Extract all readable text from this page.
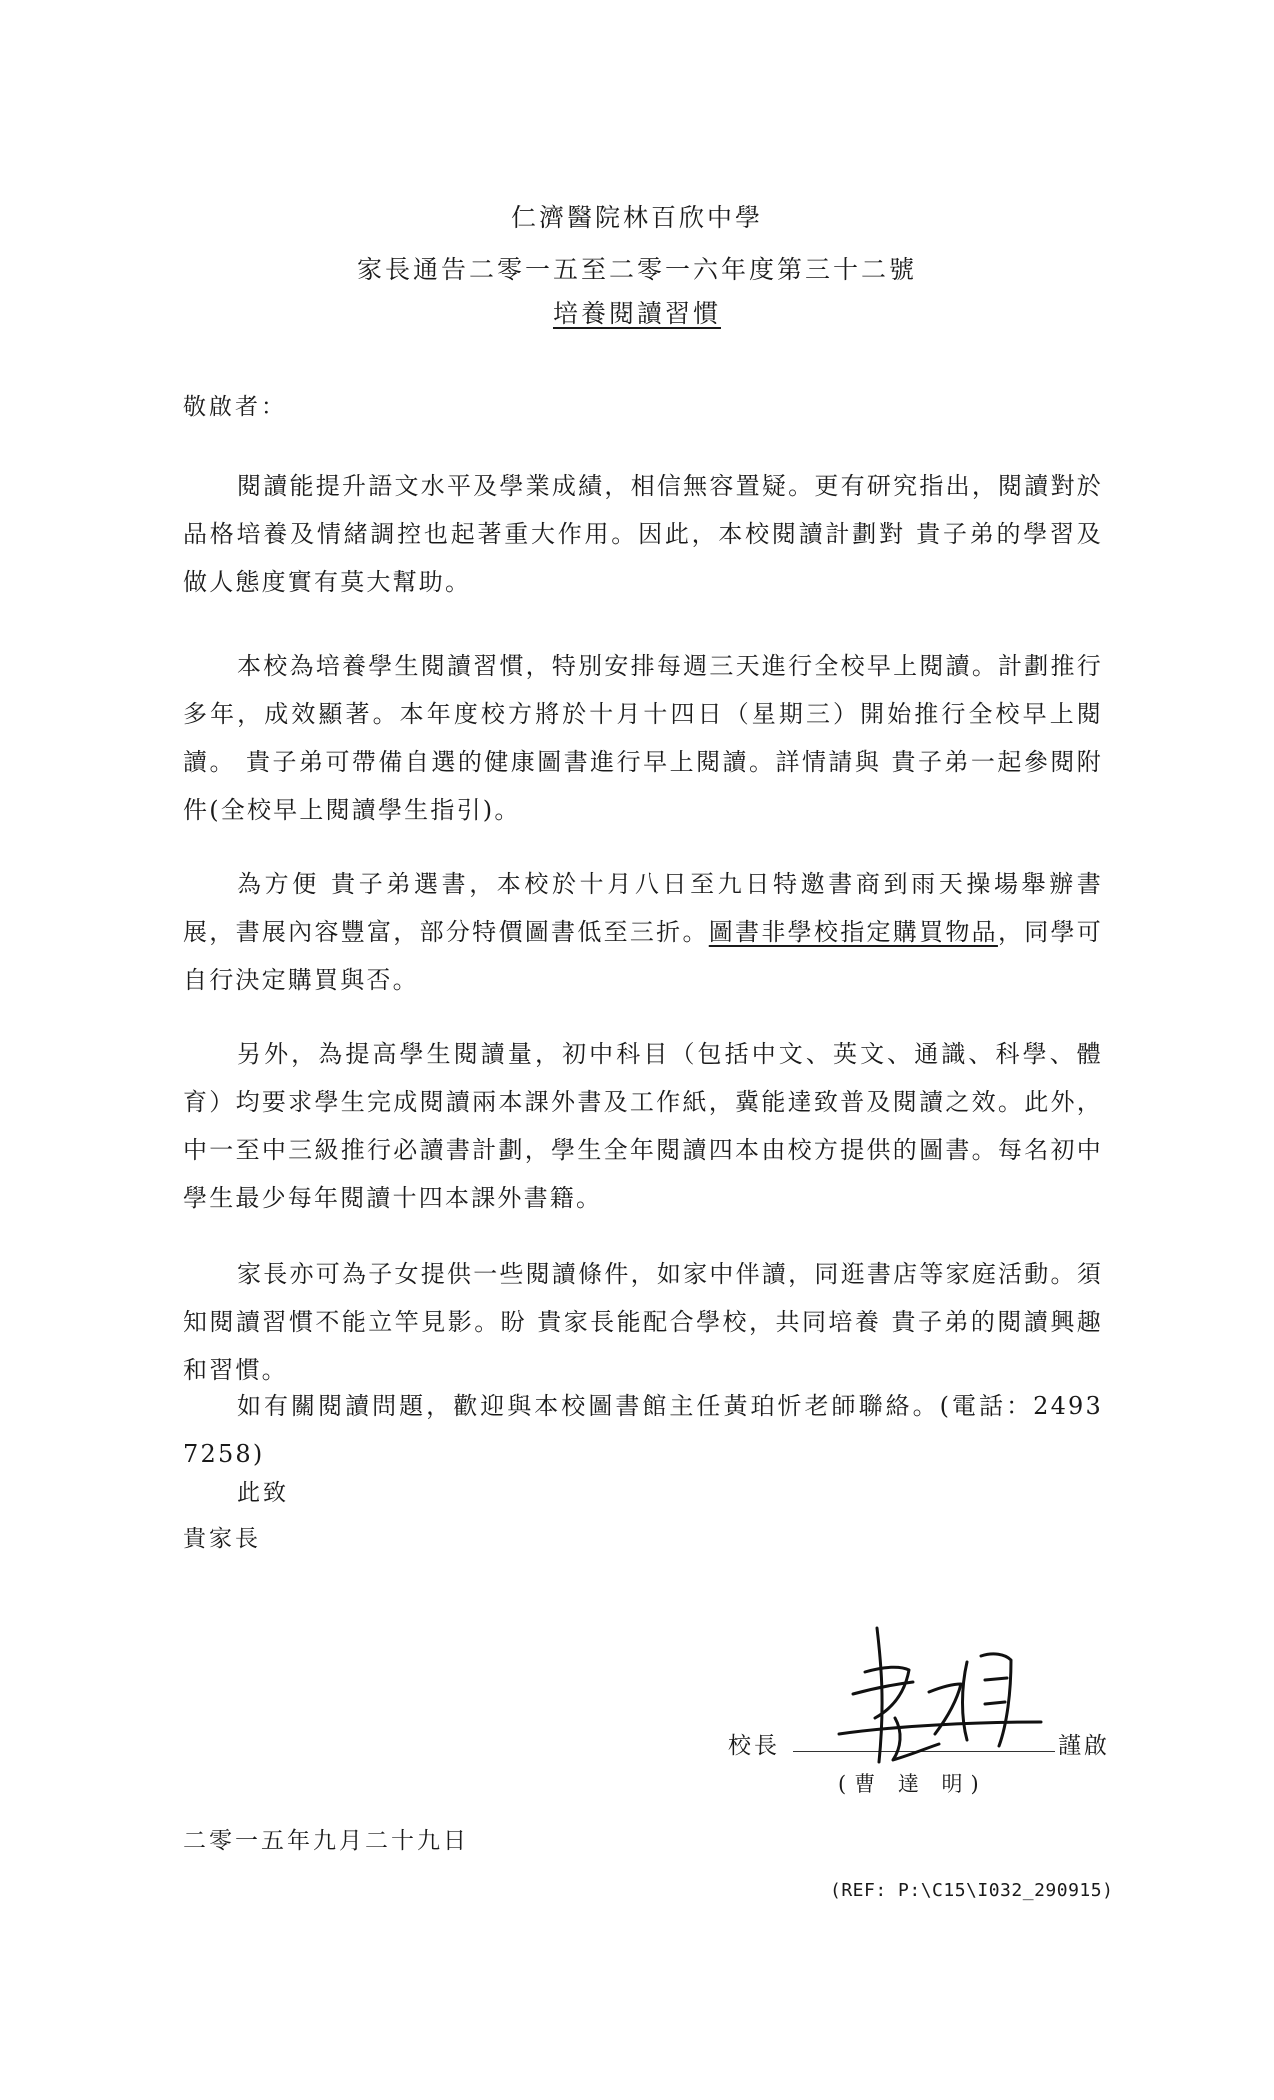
仁濟醫院林百欣中學
家長通告二零一五至二零一六年度第三十二號
培養閱讀習慣
敬啟者：

閱讀能提升語文水平及學業成績，相信無容置疑。更有研究指出，閱讀對於品格培養及情緒調控也起著重大作用。因此，本校閱讀計劃對 貴子弟的學習及做人態度實有莫大幫助。

本校為培養學生閱讀習慣，特別安排每週三天進行全校早上閱讀。計劃推行多年，成效顯著。本年度校方將於十月十四日（星期三）開始推行全校早上閱讀。 貴子弟可帶備自選的健康圖書進行早上閱讀。詳情請與 貴子弟一起參閱附件(全校早上閱讀學生指引)。

為方便 貴子弟選書，本校於十月八日至九日特邀書商到雨天操場舉辦書展，書展內容豐富，部分特價圖書低至三折。圖書非學校指定購買物品，同學可自行決定購買與否。

另外，為提高學生閱讀量，初中科目（包括中文、英文、通識、科學、體育）均要求學生完成閱讀兩本課外書及工作紙，冀能達致普及閱讀之效。此外，中一至中三級推行必讀書計劃，學生全年閱讀四本由校方提供的圖書。每名初中學生最少每年閱讀十四本課外書籍。

家長亦可為子女提供一些閱讀條件，如家中伴讀，同逛書店等家庭活動。須知閱讀習慣不能立竿見影。盼 貴家長能配合學校，共同培養 貴子弟的閱讀興趣和習慣。

如有關閱讀問題，歡迎與本校圖書館主任黃珀忻老師聯絡。(電話：2493 7258)

此致
貴家長
校長	謹啟
(曹 達 明)
二零一五年九月二十九日
(REF: P:\C15\I032_290915)
